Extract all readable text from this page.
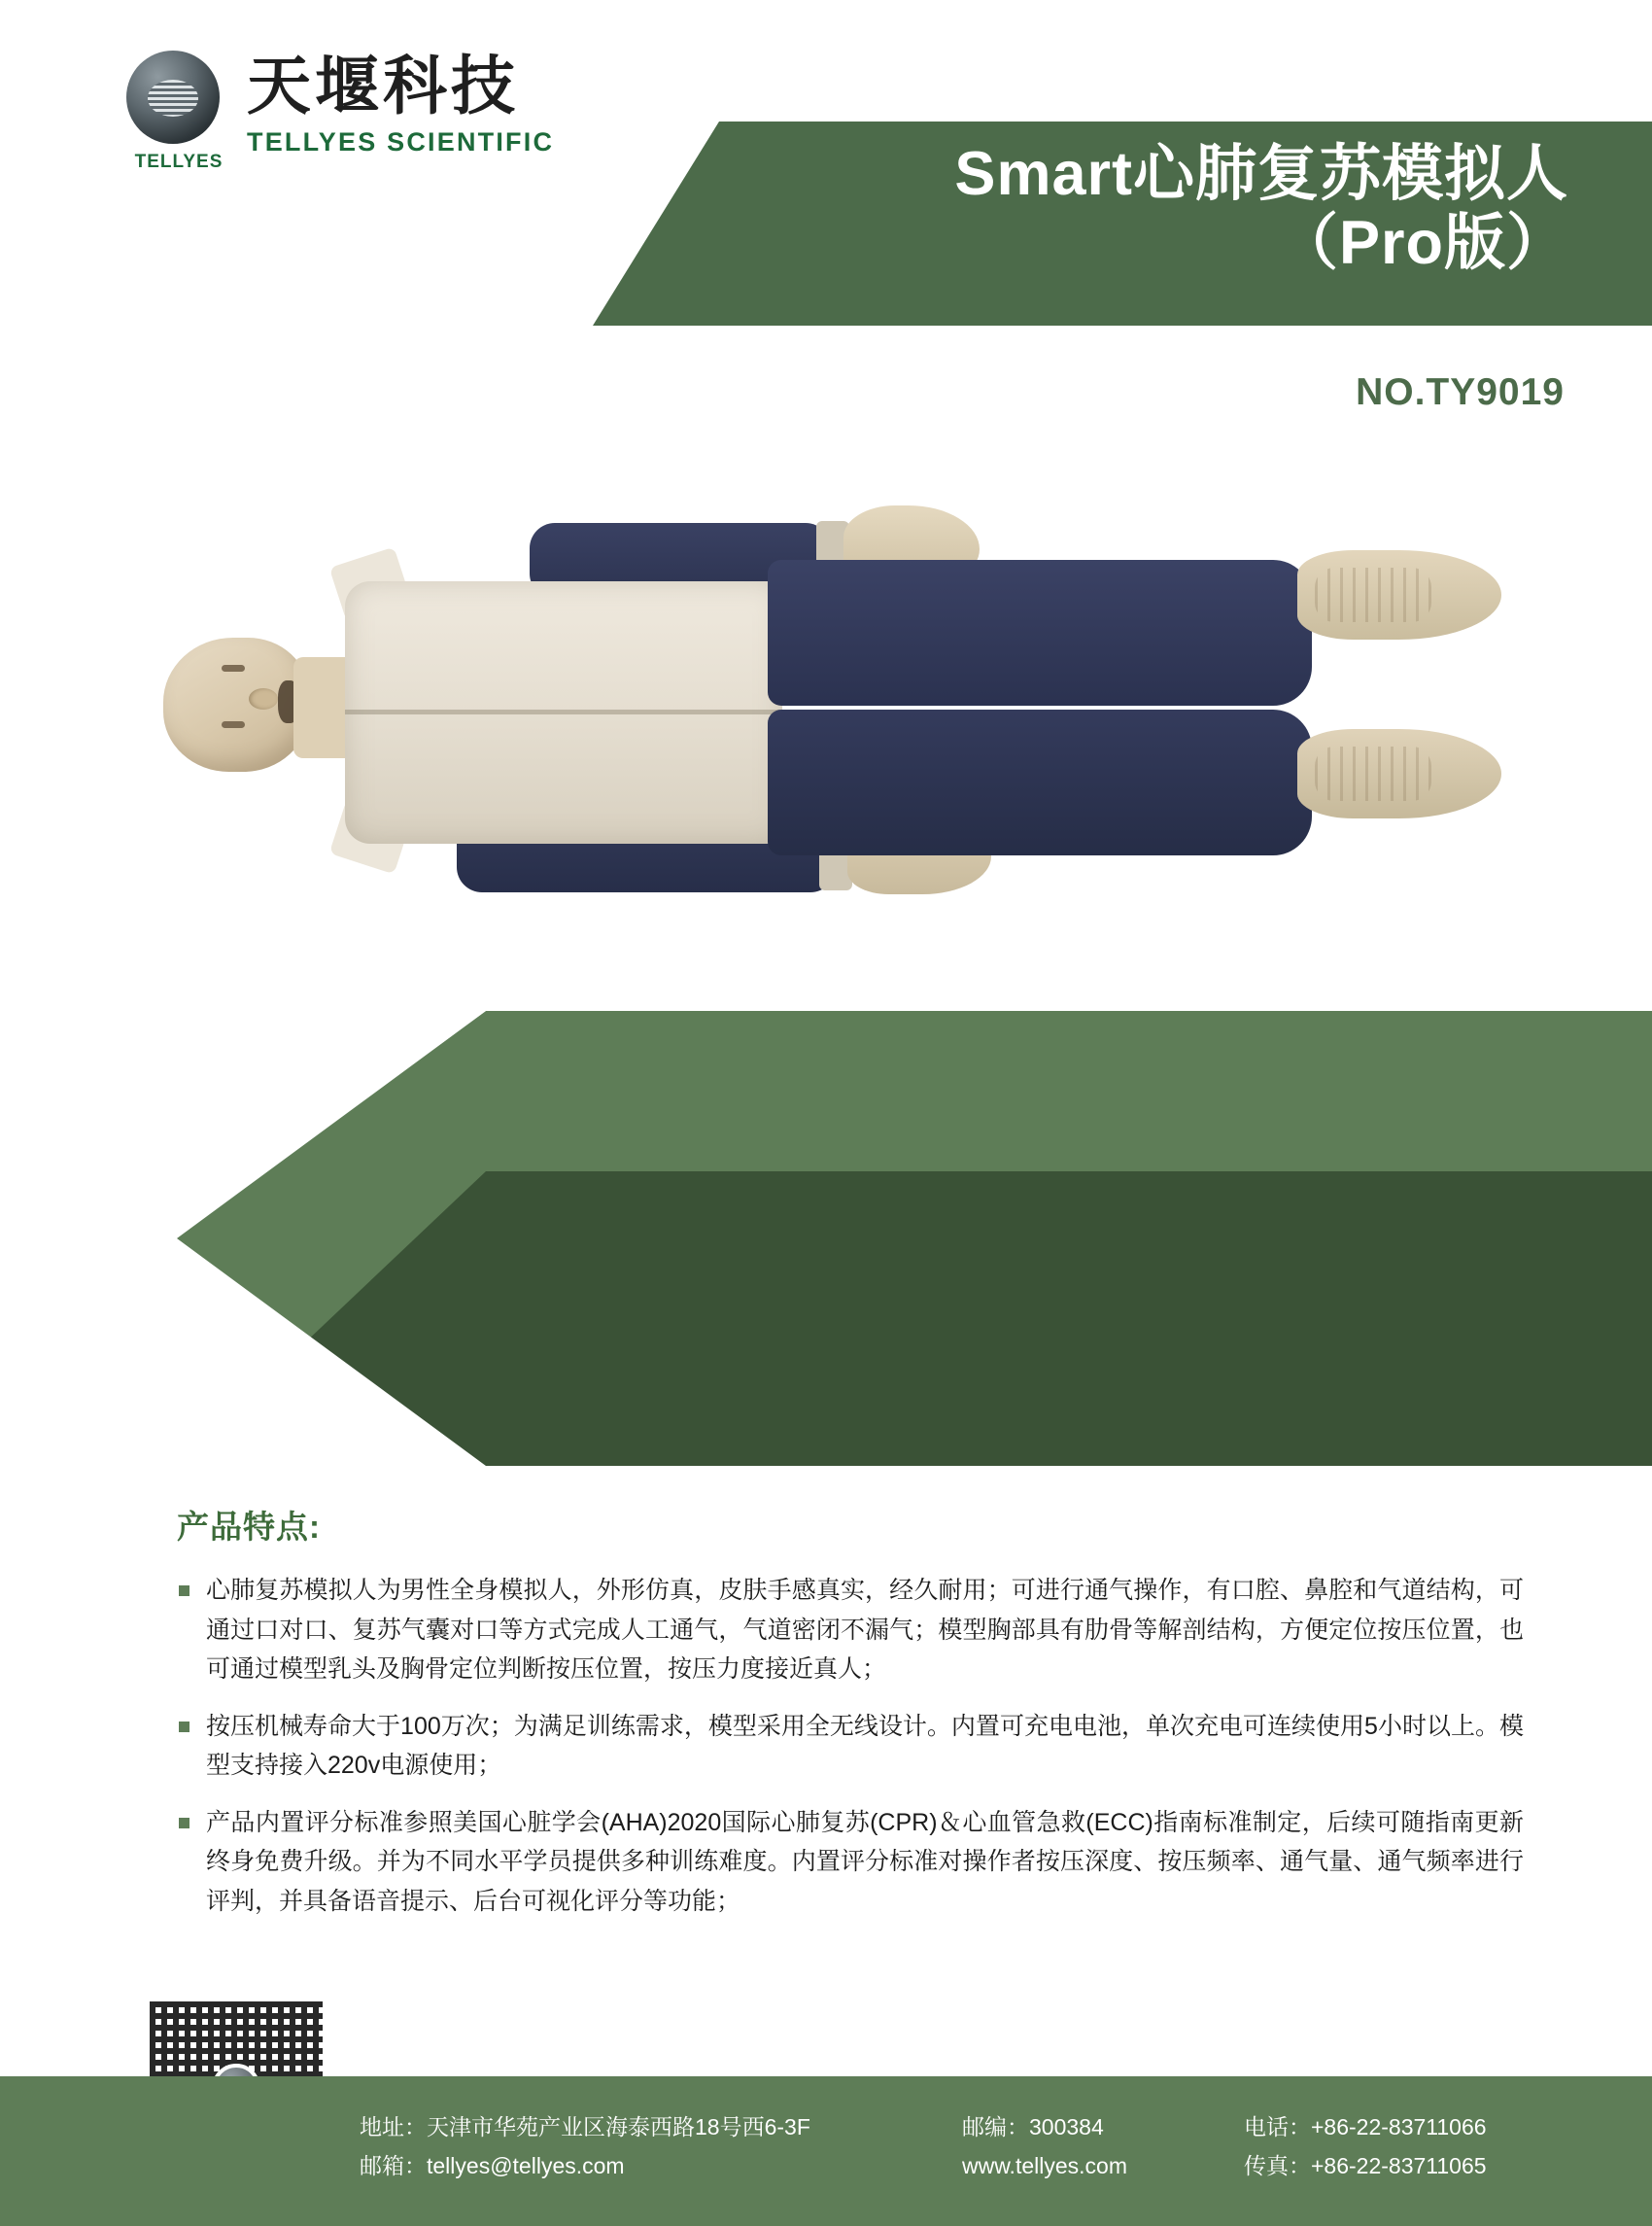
TELLYES
天堰科技
TELLYES SCIENTIFIC	Smart心肺复苏模拟人
（Pro版）
NO.TY9019
产品特点:
心肺复苏模拟人为男性全身模拟人，外形仿真，皮肤手感真实，经久耐用；可进行通气操作，有口腔、鼻腔和气道结构，可通过口对口、复苏气囊对口等方式完成人工通气，气道密闭不漏气；模型胸部具有肋骨等解剖结构，方便定位按压位置，也可通过模型乳头及胸骨定位判断按压位置，按压力度接近真人；
按压机械寿命大于100万次；为满足训练需求，模型采用全无线设计。内置可充电电池，单次充电可连续使用5小时以上。模型支持接入220v电源使用；
产品内置评分标准参照美国心脏学会(AHA)2020国际心肺复苏(CPR)＆心血管急救(ECC)指南标准制定，后续可随指南更新终身免费升级。并为不同水平学员提供多种训练难度。内置评分标准对操作者按压深度、按压频率、通气量、通气频率进行评判，并具备语音提示、后台可视化评分等功能；
地址：天津市华苑产业区海泰西路18号西6-3F
邮箱：tellyes@tellyes.com
邮编：300384
www.tellyes.com
电话：+86-22-83711066
传真：+86-22-83711065
